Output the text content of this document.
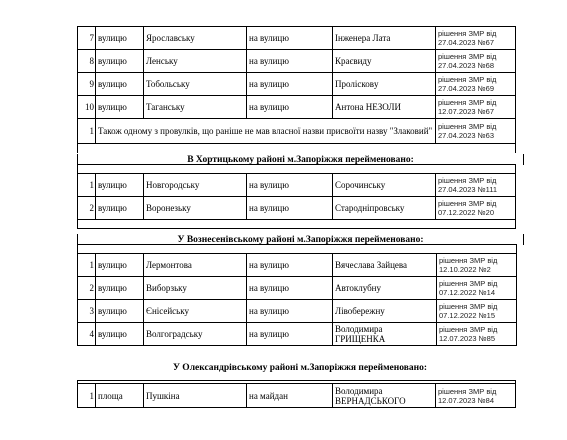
7	вулицю	Ярославську	на вулицю	Інженера Лата	рішення ЗМР від 27.04.2023 №67
8	вулицю	Ленську	на вулицю	Краєвиду	рішення ЗМР від 27.04.2023 №68
9	вулицю	Тобольську	на вулицю	Пролісковy	рішення ЗМР від 27.04.2023 №69
10	вулицю	Таганську	на вулицю	Антона НЕЗОЛИ	рішення ЗМР від 12.07.2023 №67
1	Також одному з провулків, що раніше не мав власної назви присвоїти назву "Злаковий"				рішення ЗМР від 27.04.2023 №63

В Хортицькому районі м.Запоріжжя перейменовано:

1	вулицю	Новгородську	на вулицю	Сорочинську	рішення ЗМР від 27.04.2023 №111
2	вулицю	Воронезьку	на вулицю	Стародніпровську	рішення ЗМР від 07.12.2022 №20

У Вознесенівському районі м.Запоріжжя перейменовано:

1	вулицю	Лермонтова	на вулицю	Вячеслава Зайцева	рішення ЗМР від 12.10.2022 №2
2	вулицю	Виборзьку	на вулицю	Автоклубну	рішення ЗМР від 07.12.2022 №14
3	вулицю	Єнісейську	на вулицю	Лівобережну	рішення ЗМР від 07.12.2022 №15
4	вулицю	Волгоградську	на вулицю	Володимира ГРИЩЕНКА	рішення ЗМР від 12.07.2023 №85
У Олександрівському районі м.Запоріжжя перейменовано:

1	площа	Пушкіна	на майдан	Володимира ВЕРНАДСЬКОГО	рішення ЗМР від 12.07.2023 №84
